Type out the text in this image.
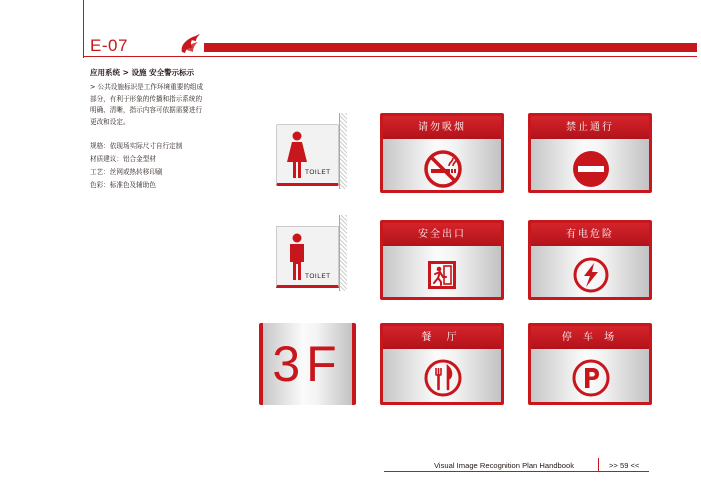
E-07
应用系统 > 设施 安全警示标示
> 公共设施标识是工作环境重要的组成
部分，有利于形象的传播和指示系统的
明确、清晰，指示内容可依据需要进行
更改和设定。
规格：依现场实际尺寸自行定制
材质建议：铝合金型材
工艺：丝网或热转移印刷
色彩：标准色及辅助色
TOILET
TOILET
3F
请勿吸烟	禁止通行
安全出口	有电危险
餐 厅	停 车 场
Visual Image Recognition Plan Handbook	>> 59 <<
